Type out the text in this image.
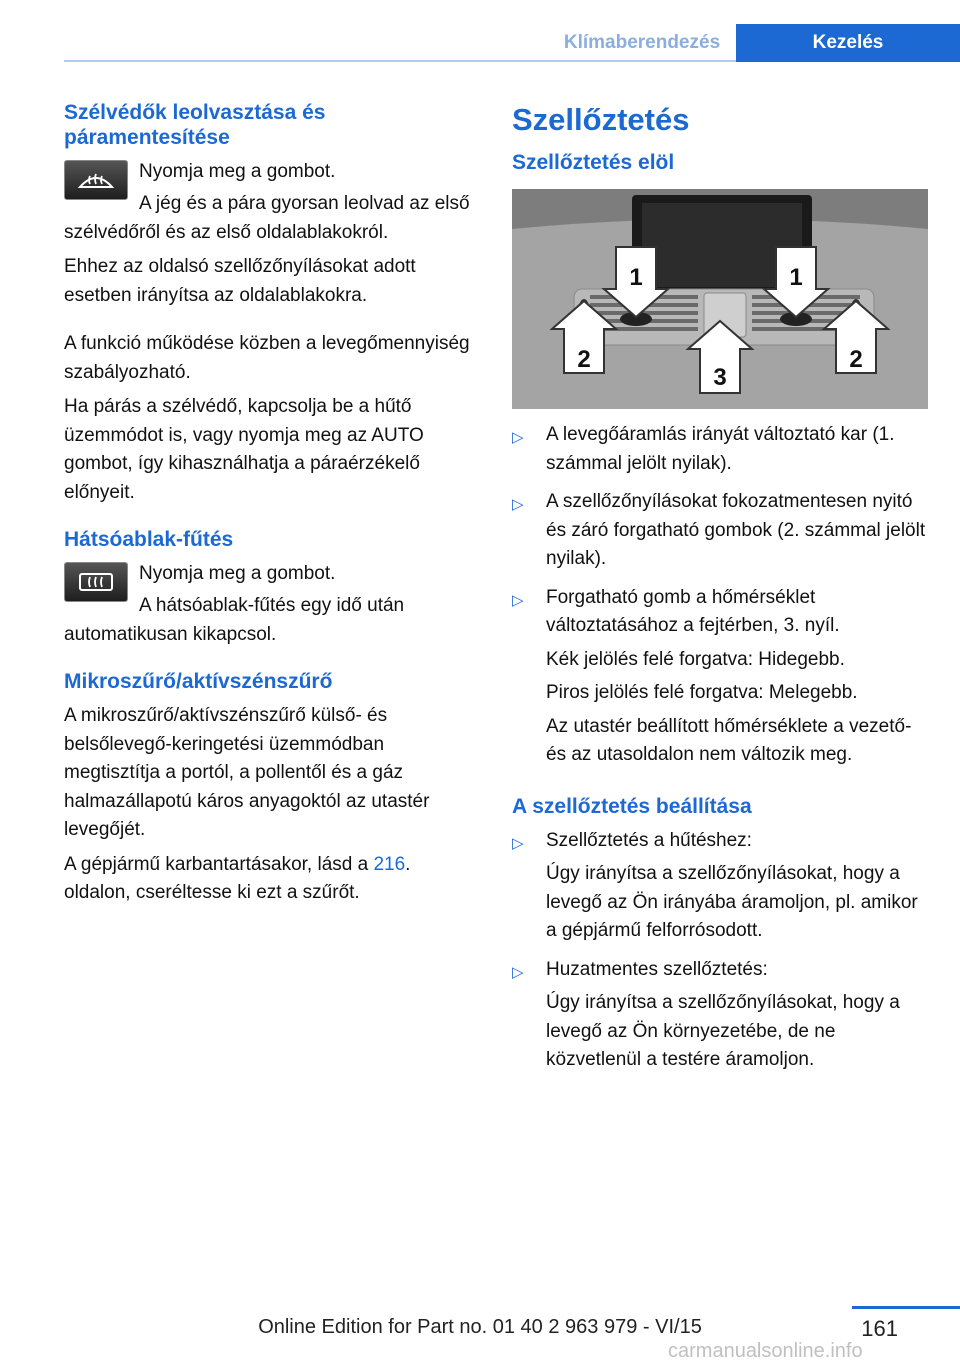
Klímaberendezés	Kezelés
Szélvédők leolvasztása és páramentesítése

Nyomja meg a gombot.

A jég és a pára gyorsan leolvad az első szélvédőről és az első oldalablakokról.

Ehhez az oldalsó szellőzőnyílásokat adott esetben irányítsa az oldalablakokra.

A funkció működése közben a levegőmennyiség szabályozható.

Ha párás a szélvédő, kapcsolja be a hűtő üzemmódot is, vagy nyomja meg az AUTO gombot, így kihasználhatja a páraérzékelő előnyeit.

Hátsóablak-fűtés

Nyomja meg a gombot.

A hátsóablak-fűtés egy idő után automatikusan kikapcsol.

Mikroszűrő/aktívszénszűrő

A mikroszűrő/aktívszénszűrő külső- és belsőlevegő-keringetési üzemmódban megtisztítja a portól, a pollentől és a gáz halmazállapotú káros anyagoktól az utastér levegőjét.

A gépjármű karbantartásakor, lásd a 216. oldalon, cseréltesse ki ezt a szűrőt.

Szellőztetés
Szellőztetés elöl
1	1
2
3
2
▷ A levegőáramlás irányát változtató kar (1. számmal jelölt nyilak).

▷ A szellőzőnyílásokat fokozatmentesen nyitó és záró forgatható gombok (2. számmal jelölt nyilak).

▷ Forgatható gomb a hőmérséklet változtatásához a fejtérben, 3. nyíl.

Kék jelölés felé forgatva: Hidegebb.

Piros jelölés felé forgatva: Melegebb.

Az utastér beállított hőmérséklete a vezető- és az utasoldalon nem változik meg.

A szellőztetés beállítása
▷ Szellőztetés a hűtéshez:

Úgy irányítsa a szellőzőnyílásokat, hogy a levegő az Ön irányába áramoljon, pl. amikor a gépjármű felforrósodott.

▷ Huzatmentes szellőztetés:

Úgy irányítsa a szellőzőnyílásokat, hogy a levegő az Ön környezetébe, de ne közvetlenül a testére áramoljon.

161
Online Edition for Part no. 01 40 2 963 979 - VI/15
carmanualsonline.info
